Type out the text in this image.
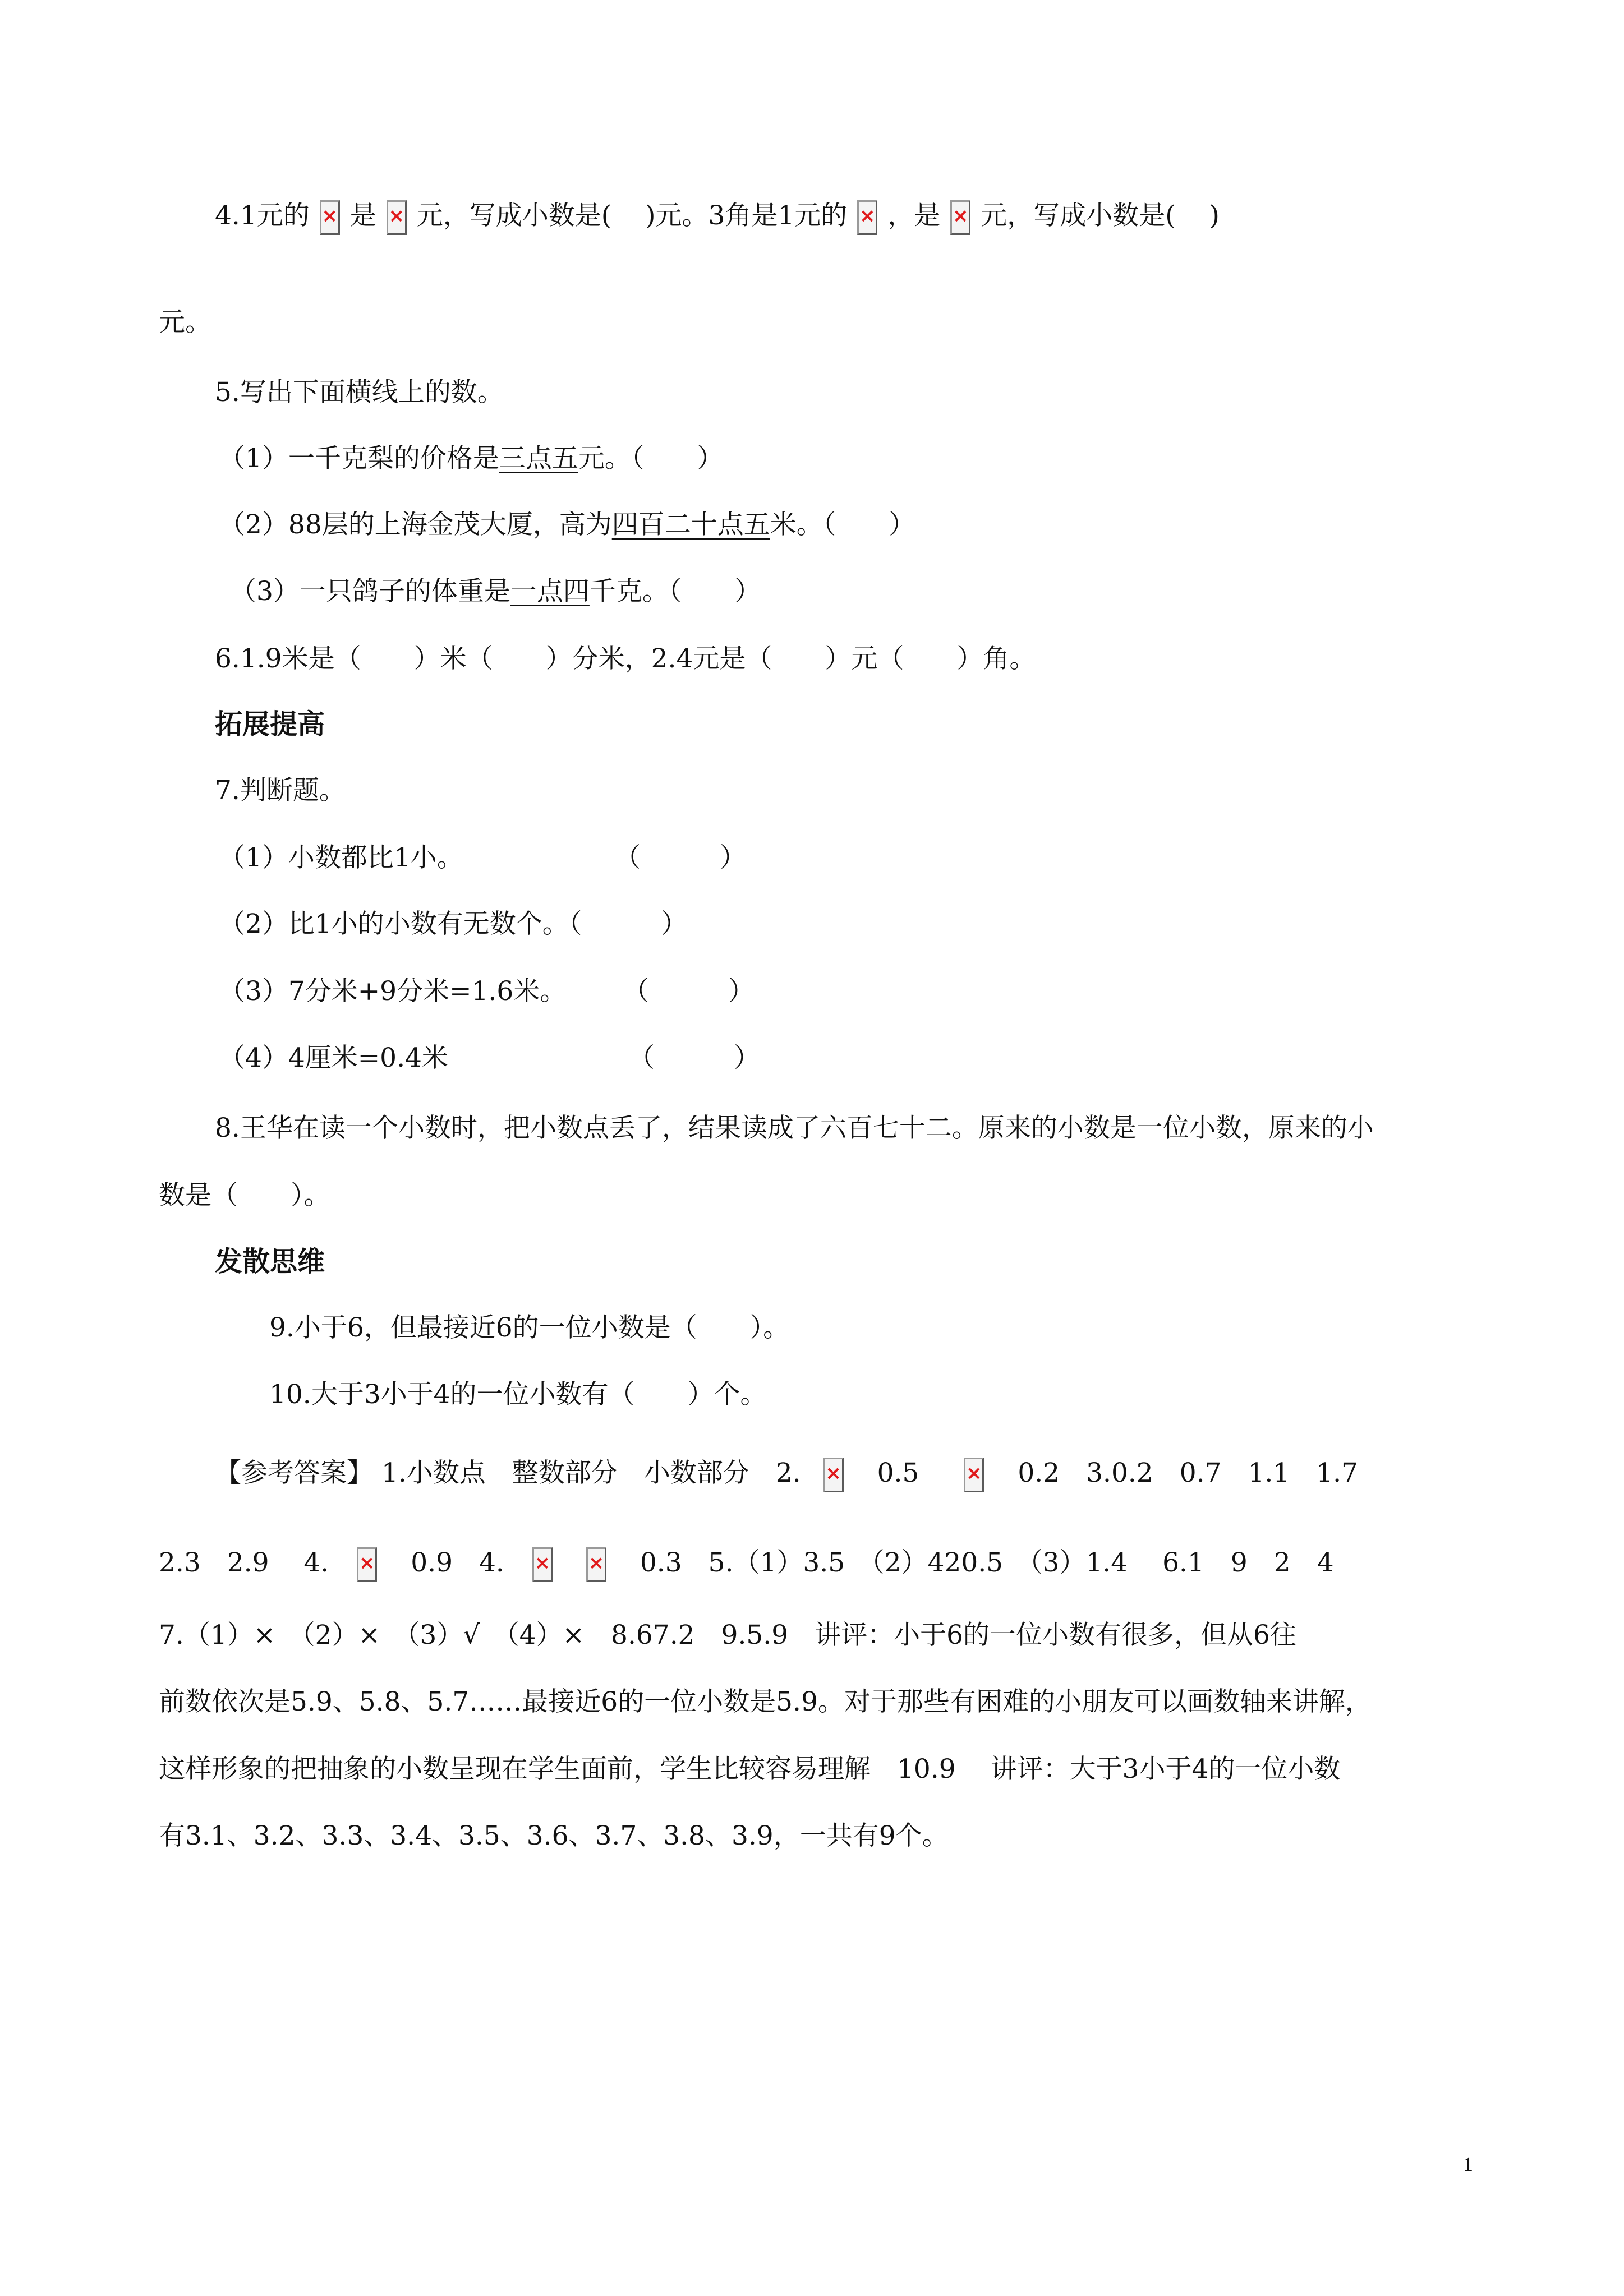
4.1元的 × 是 × 元，写成小数是( )元。3角是1元的 × ，是 × 元，写成小数是( )
元。
5.写出下面横线上的数。
（1）一千克梨的价格是三点五元。（　　）
（2）88层的上海金茂大厦，高为四百二十点五米。（　　）
（3）一只鸽子的体重是一点四千克。（　　）
6.1.9米是（　　）米（　　）分米，2.4元是（　　）元（　　）角。
拓展提高
7.判断题。
（1）小数都比1小。	（　　　）
（2）比1小的小数有无数个。（　　　）
（3）7分米+9分米=1.6米。 （　　　）
（4）4厘米=0.4米	（　　　）
8.王华在读一个小数时，把小数点丢了，结果读成了六百七十二。原来的小数是一位小数，原来的小
数是（　　）。
发散思维
9.小于6，但最接近6的一位小数是（　　）。
10.大于3小于4的一位小数有（　　）个。
【参考答案】 1.小数点　整数部分　小数部分　2. ×	0.5 ×	0.2　3.0.2　0.7　1.1　1.7
2.3　2.9　 4. ×	0.9　4. × ×	0.3　5.（1）3.5　（2）420.5　（3）1.4　 6.1　9　2　4
7.（1）×　（2）×　（3）√　（4）×　8.67.2　9.5.9　讲评：小于6的一位小数有很多，但从6往
前数依次是5.9、5.8、5.7……最接近6的一位小数是5.9。对于那些有困难的小朋友可以画数轴来讲解，
这样形象的把抽象的小数呈现在学生面前，学生比较容易理解　10.9　 讲评：大于3小于4的一位小数
有3.1、3.2、3.3、3.4、3.5、3.6、3.7、3.8、3.9，一共有9个。
1
